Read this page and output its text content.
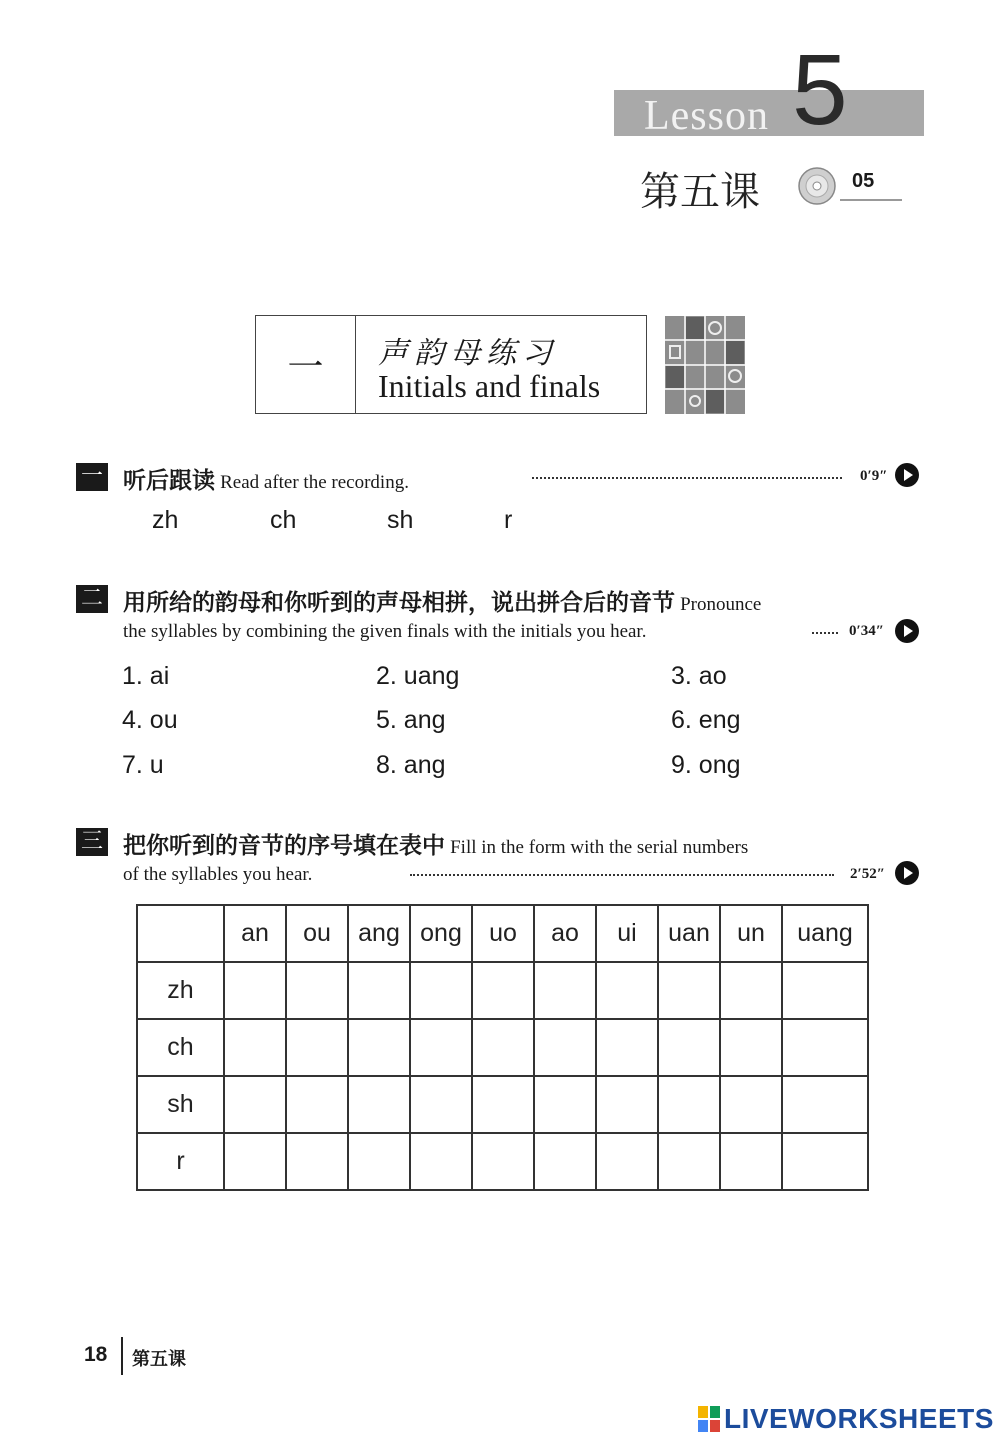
Lesson 5
第五课	05
一	声韵母练习
Initials and finals
一 听后跟读 Read after the recording.	0′9″
zh	ch	sh	r
二 用所给的韵母和你听到的声母相拼，说出拼合后的音节 Pronounce
the syllables by combining the given finals with the initials you hear.	0′34″
1. ai	2. uang	3. ao
4. ou	5. ang	6. eng
7. u	8. ang	9. ong
三 把你听到的音节的序号填在表中 Fill in the form with the serial numbers
of the syllables you hear.	2′52″
	an	ou	ang	ong	uo	ao	ui	uan	un	uang
zh										
ch										
sh										
r										
18 第五课
LIVEWORKSHEETS
